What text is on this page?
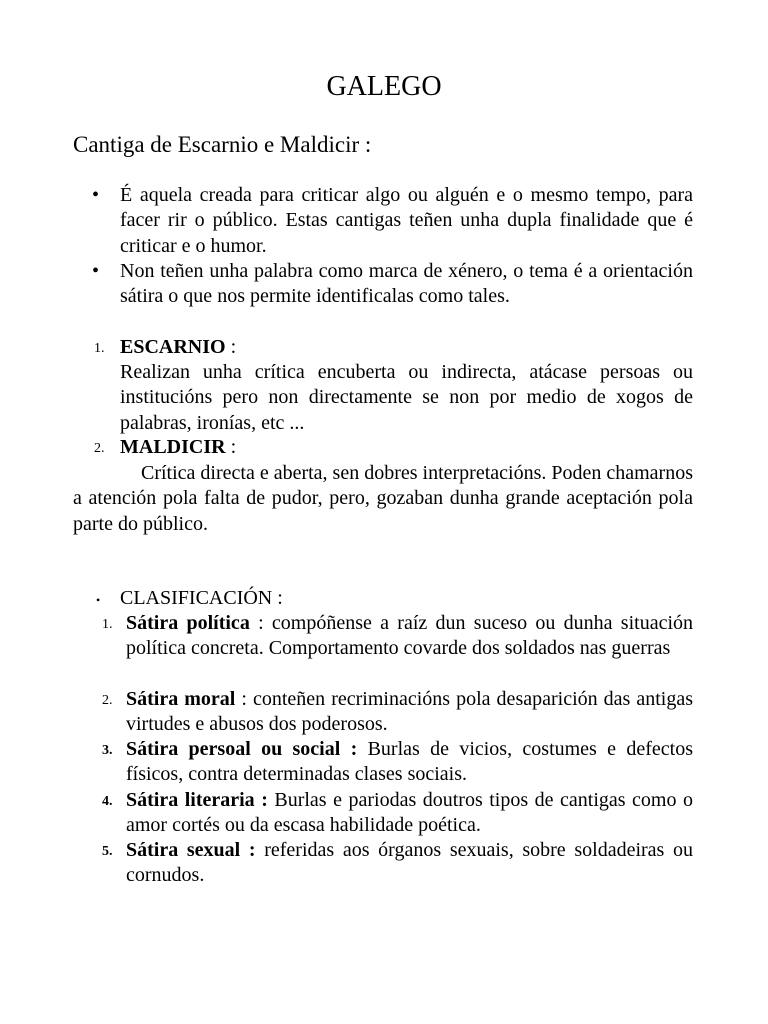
GALEGO
Cantiga de Escarnio e Maldicir :
• É aquela creada para criticar algo ou alguén e o mesmo tempo, para facer rir o público. Estas cantigas teñen unha dupla finalidade que é criticar e o humor.
• Non teñen unha palabra como marca de xénero, o tema é a orientación sátira o que nos permite identificalas como tales.
1. ESCARNIO :
Realizan unha crítica encuberta ou indirecta, atácase persoas ou institucións pero non directamente se non por medio de xogos de palabras, ironías, etc ...
2. MALDICIR :
Crítica directa e aberta, sen dobres interpretacións. Poden chamarnos a atención pola falta de pudor, pero, gozaban dunha grande aceptación pola parte do público.
• CLASIFICACIÓN :
1. Sátira política : compóñense a raíz dun suceso ou dunha situación política concreta. Comportamento covarde dos soldados nas guerras
2. Sátira moral : conteñen recriminacións pola desaparición das antigas virtudes e abusos dos poderosos.
3. Sátira persoal ou social : Burlas de vicios, costumes e defectos físicos, contra determinadas clases sociais.
4. Sátira literaria : Burlas e pariodas doutros tipos de cantigas como o amor cortés ou da escasa habilidade poética.
5. Sátira sexual : referidas aos órganos sexuais, sobre soldadeiras ou cornudos.
